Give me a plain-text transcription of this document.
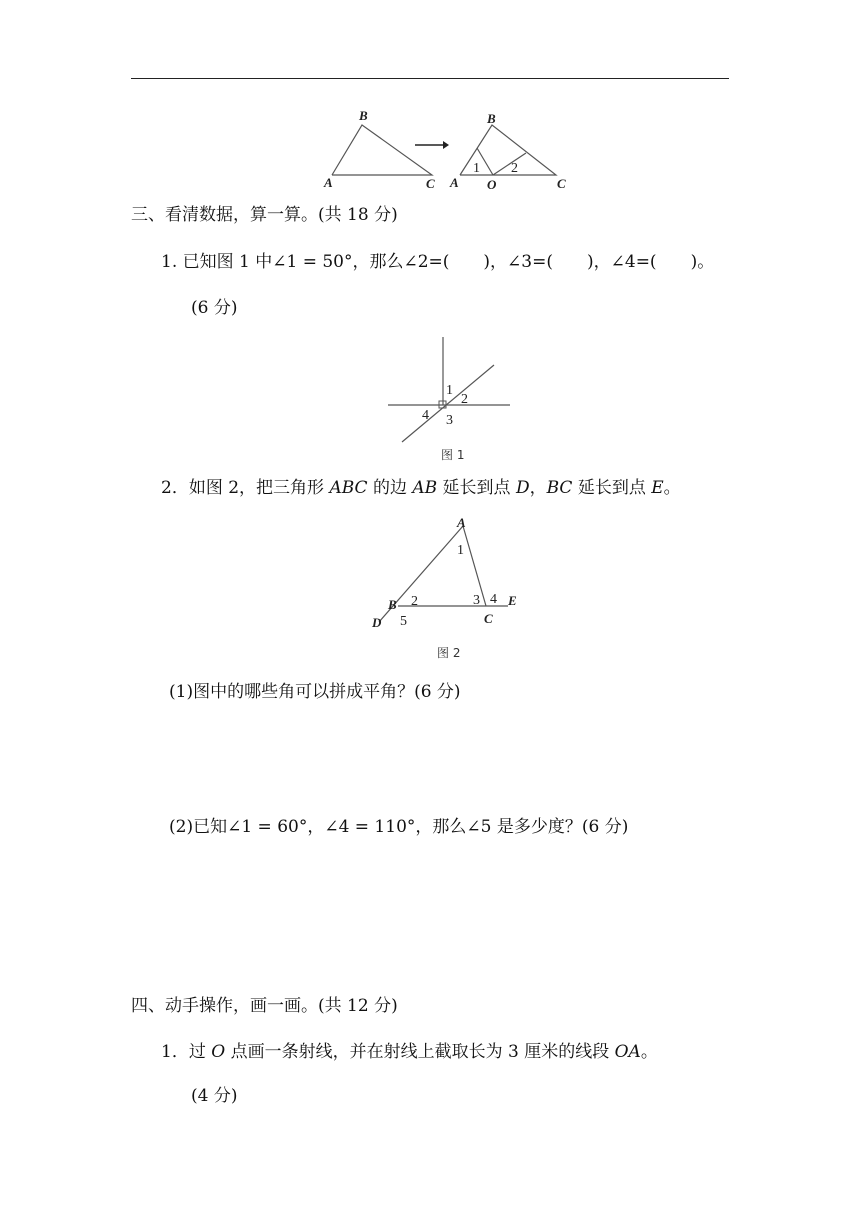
A
B
C A
B
C
O
1 2
三、看清数据，算一算。(共 18 分)
1. 已知图 1 中∠1 = 50°，那么∠2=(　　)，∠3=(　　)，∠4=(　　)。
(6 分)
1
2
3
4
图 1
2．如图 2，把三角形 ABC 的边 AB 延长到点 D，BC 延长到点 E。
A
B
C
D
E
1
2	3 4
5
图 2
(1)图中的哪些角可以拼成平角？(6 分)
(2)已知∠1 = 60°，∠4 = 110°，那么∠5 是多少度？(6 分)
四、动手操作，画一画。(共 12 分)
1．过 O 点画一条射线，并在射线上截取长为 3 厘米的线段 OA。
(4 分)
